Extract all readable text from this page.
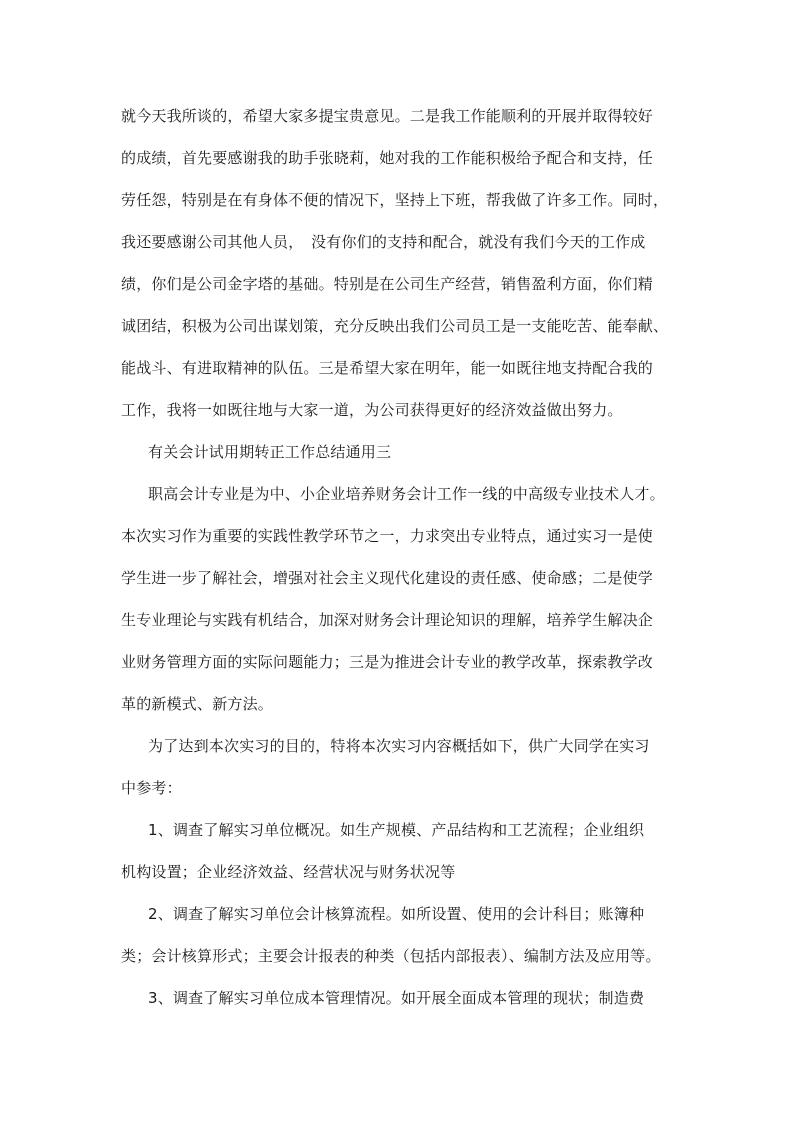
就今天我所谈的，希望大家多提宝贵意见。二是我工作能顺利的开展并取得较好
的成绩，首先要感谢我的助手张晓莉，她对我的工作能积极给予配合和支持，任
劳任怨，特别是在有身体不便的情况下，坚持上下班，帮我做了许多工作。同时，
我还要感谢公司其他人员，　没有你们的支持和配合，就没有我们今天的工作成
绩，你们是公司金字塔的基础。特别是在公司生产经营，销售盈利方面，你们精
诚团结，积极为公司出谋划策，充分反映出我们公司员工是一支能吃苦、能奉献、
能战斗、有进取精神的队伍。三是希望大家在明年，能一如既往地支持配合我的
工作，我将一如既往地与大家一道，为公司获得更好的经济效益做出努力。
有关会计试用期转正工作总结通用三
职高会计专业是为中、小企业培养财务会计工作一线的中高级专业技术人才。
本次实习作为重要的实践性教学环节之一，力求突出专业特点，通过实习一是使
学生进一步了解社会，增强对社会主义现代化建设的责任感、使命感；二是使学
生专业理论与实践有机结合，加深对财务会计理论知识的理解，培养学生解决企
业财务管理方面的实际问题能力；三是为推进会计专业的教学改革，探索教学改
革的新模式、新方法。
为了达到本次实习的目的，特将本次实习内容概括如下，供广大同学在实习
中参考：
1、调查了解实习单位概况。如生产规模、产品结构和工艺流程；企业组织
机构设置；企业经济效益、经营状况与财务状况等
2、调查了解实习单位会计核算流程。如所设置、使用的会计科目；账簿种
类；会计核算形式；主要会计报表的种类（包括内部报表）、编制方法及应用等。
3、调查了解实习单位成本管理情况。如开展全面成本管理的现状；制造费
